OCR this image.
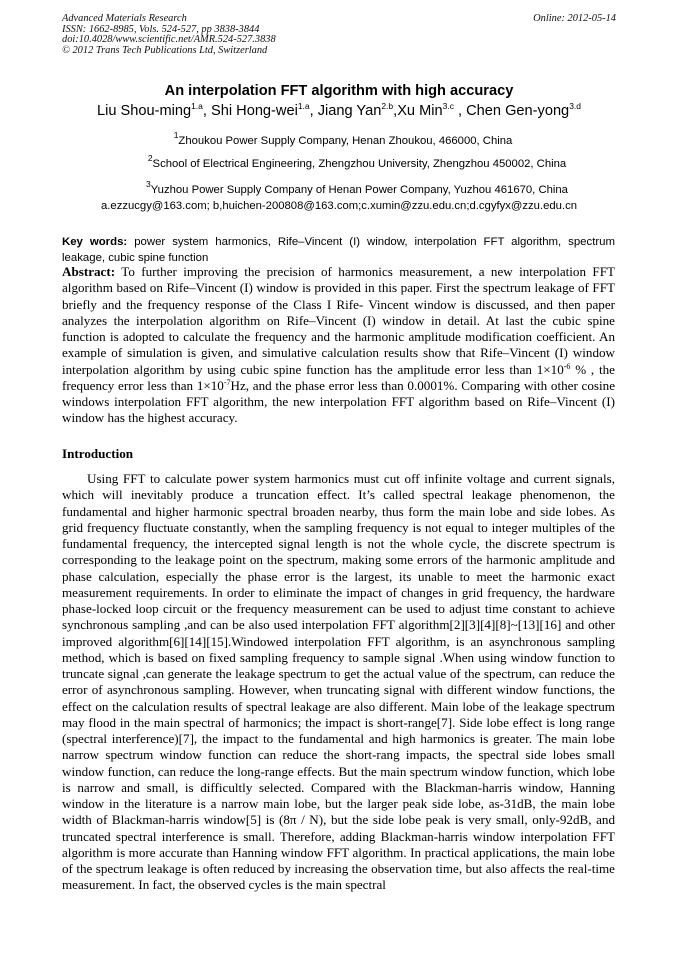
Advanced Materials Research
ISSN: 1662-8985, Vols. 524-527, pp 3838-3844
doi:10.4028/www.scientific.net/AMR.524-527.3838
© 2012 Trans Tech Publications Ltd, Switzerland
Online: 2012-05-14
An interpolation FFT algorithm with high accuracy
Liu Shou-ming$^{1.a}$, Shi Hong-wei$^{1.a}$, Jiang Yan$^{2.b}$,Xu Min$^{3.c}$ , Chen Gen-yong$^{3.d}$
$^1$Zhoukou Power Supply Company, Henan Zhoukou, 466000, China
$^2$School of Electrical Engineering, Zhengzhou University, Zhengzhou 450002, China
$^3$Yuzhou Power Supply Company of Henan Power Company, Yuzhou 461670, China
a.ezzucgy@163.com; b,huichen-200808@163.com;c.xumin@zzu.edu.cn;d.cgyfyx@zzu.edu.cn
Key words: power system harmonics, Rife–Vincent (I) window, interpolation FFT algorithm, spectrum leakage, cubic spine function
Abstract: To further improving the precision of harmonics measurement, a new interpolation FFT algorithm based on Rife–Vincent (I) window is provided in this paper. First the spectrum leakage of FFT briefly and the frequency response of the Class I Rife- Vincent window is discussed, and then paper analyzes the interpolation algorithm on Rife–Vincent (I) window in detail. At last the cubic spine function is adopted to calculate the frequency and the harmonic amplitude modification coefficient. An example of simulation is given, and simulative calculation results show that Rife–Vincent (I) window interpolation algorithm by using cubic spine function has the amplitude error less than $1\times 10^{-6}$ % , the frequency error less than $1\times 10^{-7}Hz$, and the phase error less than 0.0001%. Comparing with other cosine windows interpolation FFT algorithm, the new interpolation FFT algorithm based on Rife–Vincent (I) window has the highest accuracy.
Introduction
Using FFT to calculate power system harmonics must cut off infinite voltage and current signals, which will inevitably produce a truncation effect. It’s called spectral leakage phenomenon, the fundamental and higher harmonic spectral broaden nearby, thus form the main lobe and side lobes. As grid frequency fluctuate constantly, when the sampling frequency is not equal to integer multiples of the fundamental frequency, the intercepted signal length is not the whole cycle, the discrete spectrum is corresponding to the leakage point on the spectrum, making some errors of the harmonic amplitude and phase calculation, especially the phase error is the largest, its unable to meet the harmonic exact measurement requirements. In order to eliminate the impact of changes in grid frequency, the hardware phase-locked loop circuit or the frequency measurement can be used to adjust time constant to achieve synchronous sampling ,and can be also used interpolation FFT algorithm[2][3][4][8]~[13][16] and other improved algorithm[6][14][15].Windowed interpolation FFT algorithm, is an asynchronous sampling method, which is based on fixed sampling frequency to sample signal .When using window function to truncate signal ,can generate the leakage spectrum to get the actual value of the spectrum, can reduce the error of asynchronous sampling. However, when truncating signal with different window functions, the effect on the calculation results of spectral leakage are also different. Main lobe of the leakage spectrum may flood in the main spectral of harmonics; the impact is short-range[7]. Side lobe effect is long range (spectral interference)[7], the impact to the fundamental and high harmonics is greater. The main lobe narrow spectrum window function can reduce the short-rang impacts, the spectral side lobes small window function, can reduce the long-range effects. But the main spectrum window function, which lobe is narrow and small, is difficultly selected. Compared with the Blackman-harris window, Hanning window in the literature is a narrow main lobe, but the larger peak side lobe, as-31dB, the main lobe width of Blackman-harris window[5] is (8π / N), but the side lobe peak is very small, only-92dB, and truncated spectral interference is small. Therefore, adding Blackman-harris window interpolation FFT algorithm is more accurate than Hanning window FFT algorithm. In practical applications, the main lobe of the spectrum leakage is often reduced by increasing the observation time, but also affects the real-time measurement. In fact, the observed cycles is the main spectral
